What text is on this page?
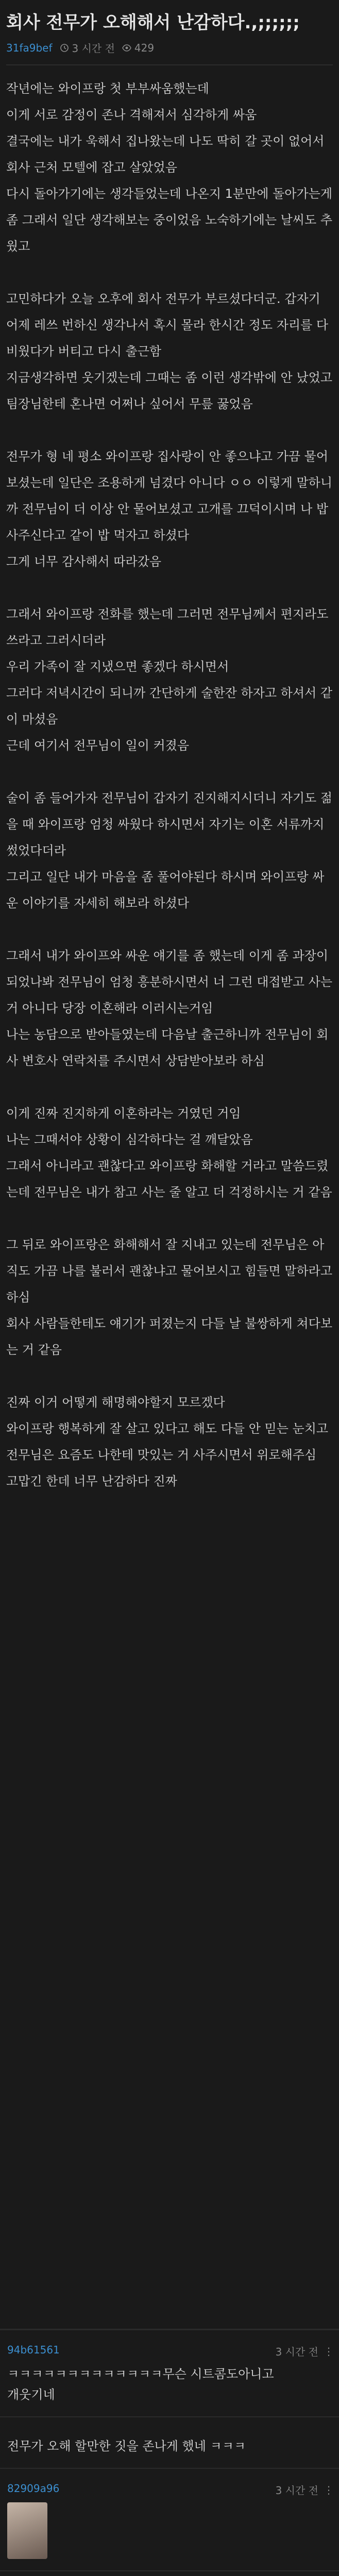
회사 전무가 오해해서 난감하다.,;;;;;;
31fa9bef 3 시간 전 429
작년에는 와이프랑 첫 부부싸움했는데
이게 서로 감정이 존나 격해져서 심각하게 싸움
결국에는 내가 욱해서 집나왔는데 나도 딱히 갈 곳이 없어서 회사 근처 모텔에 잡고 살았었음
다시 돌아가기에는 생각들었는데 나온지 1분만에 돌아가는게 좀 그래서 일단 생각해보는 중이었음 노숙하기에는 날씨도 추웠고
고민하다가 오늘 오후에 회사 전무가 부르셨다더군. 갑자기 어제 레쓰 번하신 생각나서 혹시 몰라 한시간 정도 자리를 다 비웠다가 버티고 다시 출근함
지금생각하면 웃기겠는데 그때는 좀 이런 생각밖에 안 났었고 팀장님한테 혼나면 어쩌나 싶어서 무릎 꿇었음
전무가 형 네 평소 와이프랑 집사랑이 안 좋으냐고 가끔 물어 보셨는데 일단은 조용하게 넘겼다 아니다 ㅇㅇ 이렇게 말하니까 전무님이 더 이상 안 물어보셨고 고개를 끄덕이시며 나 밥 사주신다고 같이 밥 먹자고 하셨다
그게 너무 감사해서 따라갔음
그래서 와이프랑 전화를 했는데 그러면 전무님께서 편지라도 쓰라고 그러시더라
우리 가족이 잘 지냈으면 좋겠다 하시면서
그러다 저녁시간이 되니까 간단하게 술한잔 하자고 하셔서 같이 마셨음
근데 여기서 전무님이 일이 커졌음
술이 좀 들어가자 전무님이 갑자기 진지해지시더니 자기도 젊을 때 와이프랑 엄청 싸웠다 하시면서 자기는 이혼 서류까지 썼었다더라
그리고 일단 내가 마음을 좀 풀어야된다 하시며 와이프랑 싸운 이야기를 자세히 해보라 하셨다
그래서 내가 와이프와 싸운 얘기를 좀 했는데 이게 좀 과장이 되었나봐 전무님이 엄청 흥분하시면서 너 그런 대접받고 사는 거 아니다 당장 이혼해라 이러시는거임
나는 농담으로 받아들였는데 다음날 출근하니까 전무님이 회사 변호사 연락처를 주시면서 상담받아보라 하심
이게 진짜 진지하게 이혼하라는 거였던 거임
나는 그때서야 상황이 심각하다는 걸 깨달았음
그래서 아니라고 괜찮다고 와이프랑 화해할 거라고 말씀드렸는데 전무님은 내가 참고 사는 줄 알고 더 걱정하시는 거 같음
그 뒤로 와이프랑은 화해해서 잘 지내고 있는데 전무님은 아직도 가끔 나를 불러서 괜찮냐고 물어보시고 힘들면 말하라고 하심
회사 사람들한테도 얘기가 퍼졌는지 다들 날 불쌍하게 쳐다보는 거 같음
진짜 이거 어떻게 해명해야할지 모르겠다
와이프랑 행복하게 잘 살고 있다고 해도 다들 안 믿는 눈치고
전무님은 요즘도 나한테 맛있는 거 사주시면서 위로해주심
고맙긴 한데 너무 난감하다 진짜
94b61561	3 시간 전 ⋮
ㅋㅋㅋㅋㅋㅋㅋㅋㅋㅋㅋㅋㅋ무슨 시트콤도아니고
개웃기네
전무가 오해 할만한 짓을 존나게 했네 ㅋㅋㅋ
82909a96	3 시간 전 ⋮
